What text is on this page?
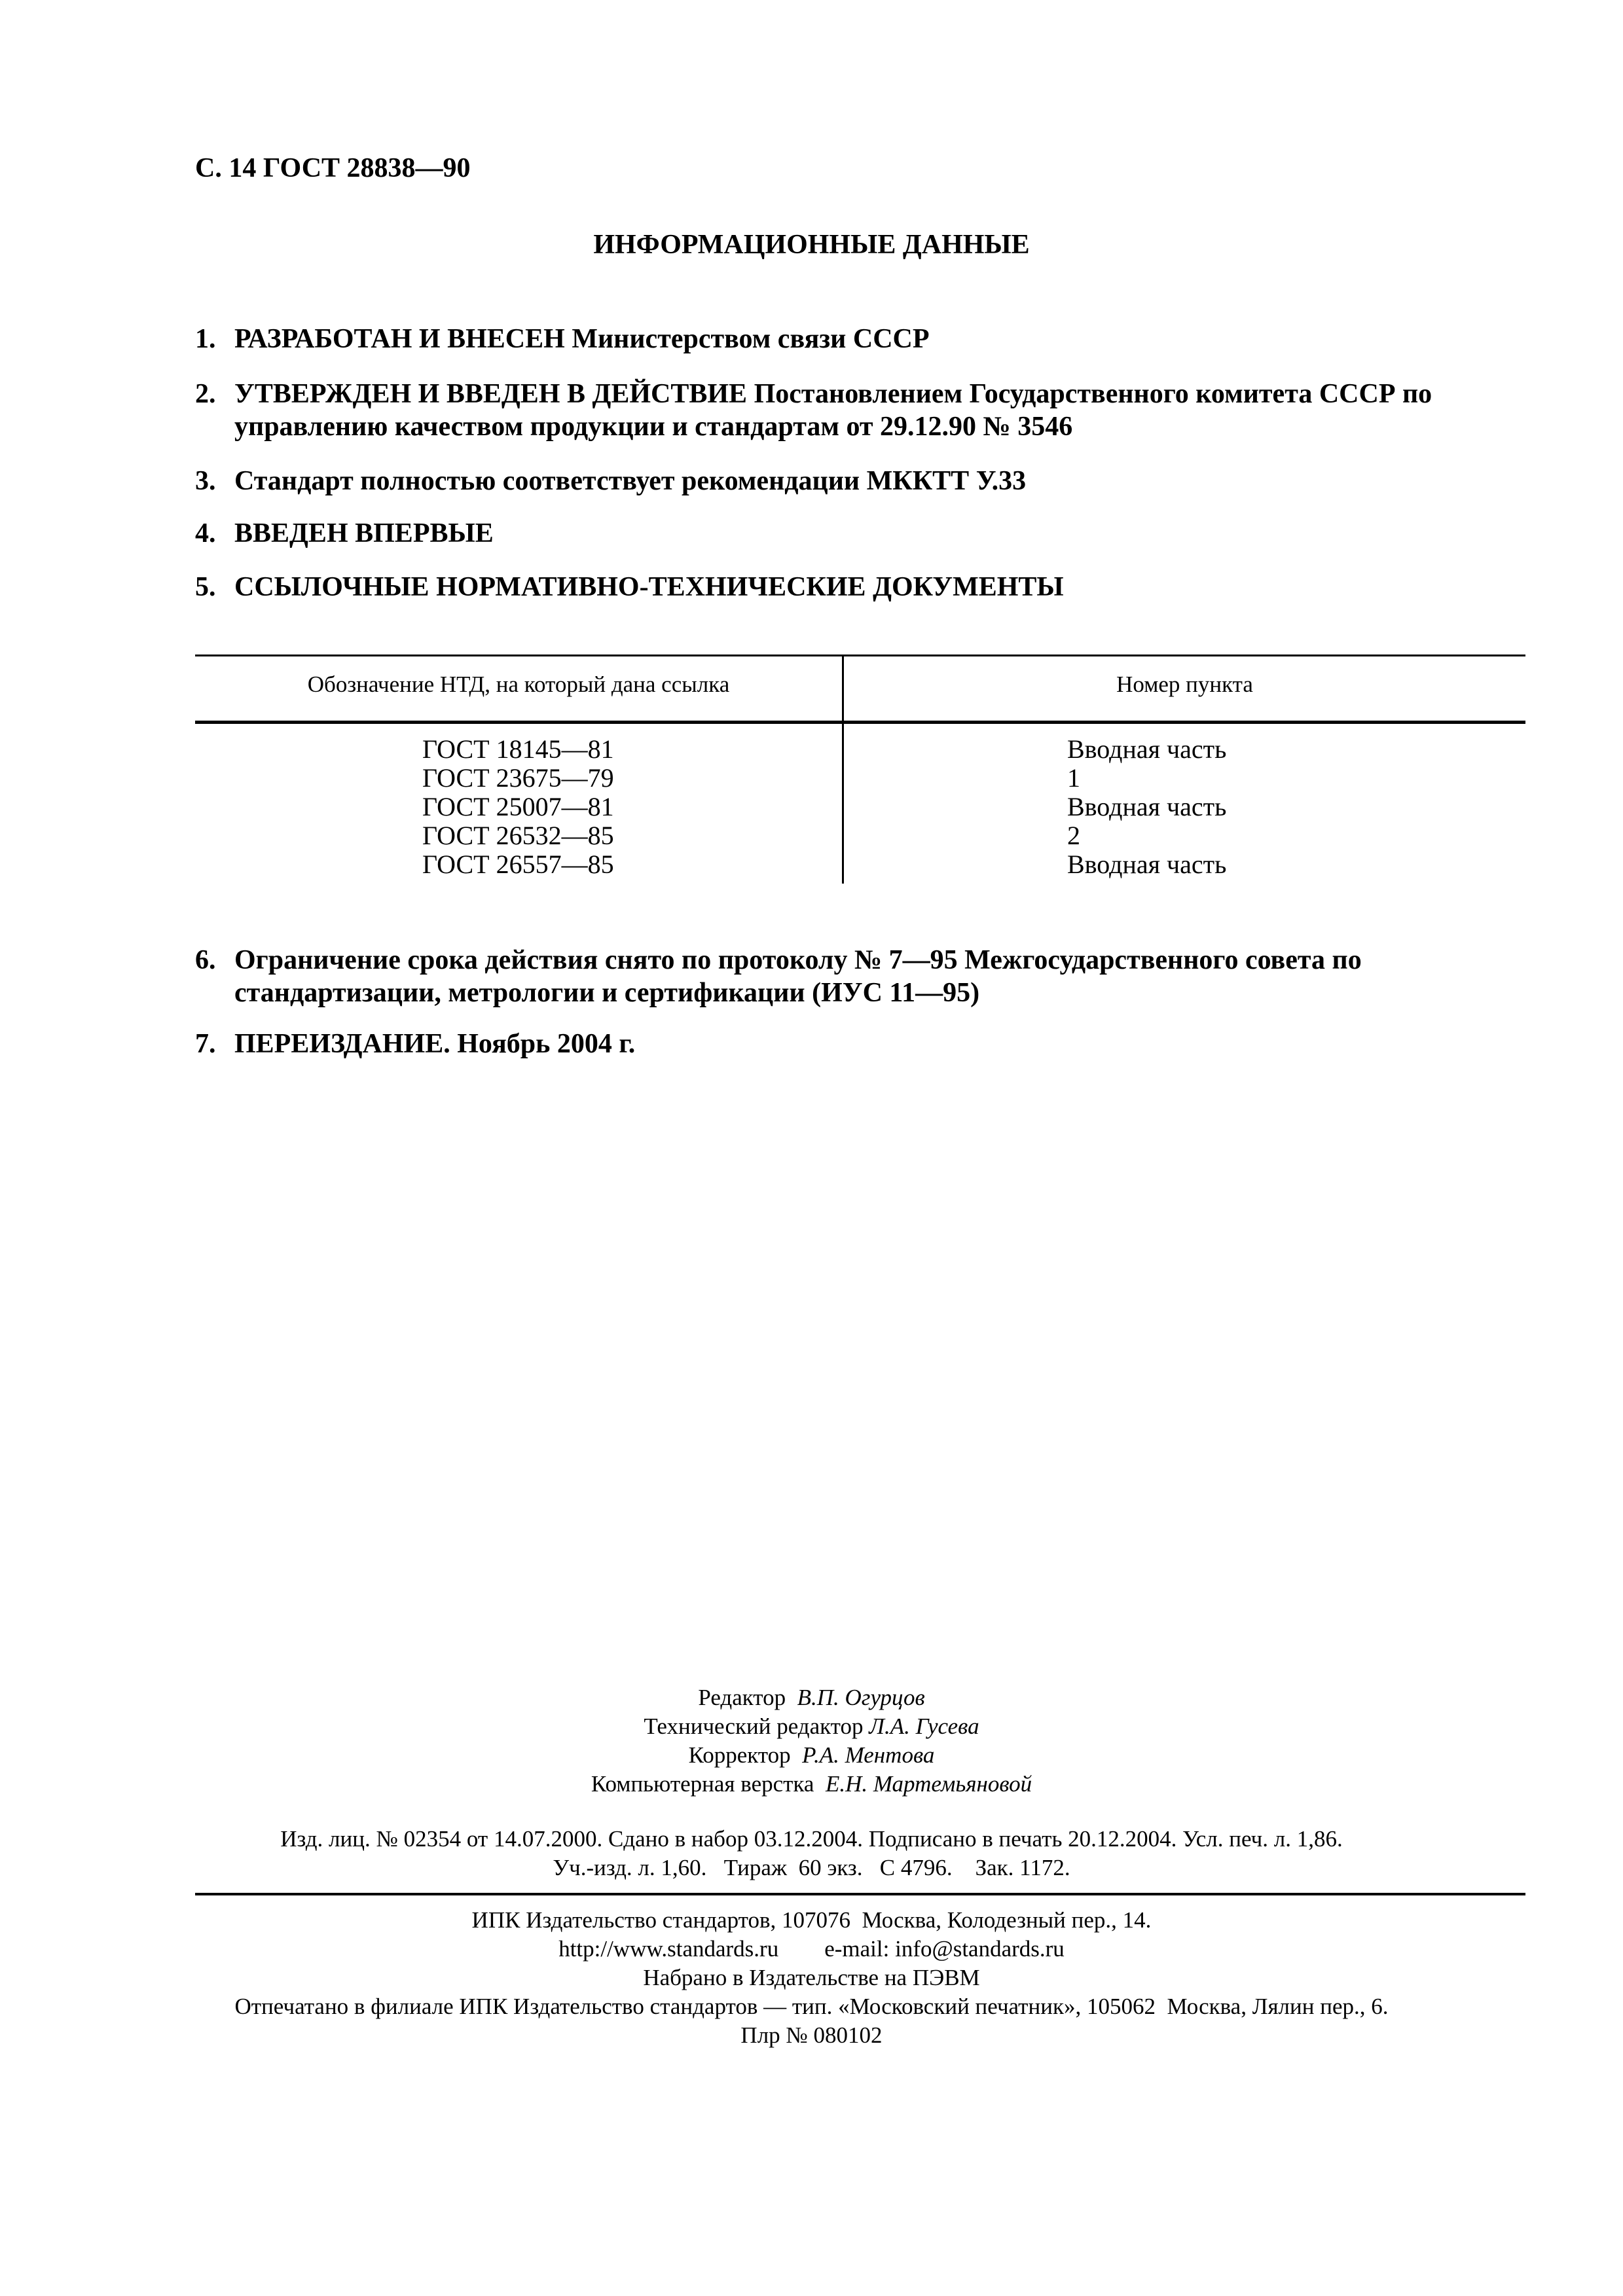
С. 14 ГОСТ 28838—90
ИНФОРМАЦИОННЫЕ ДАННЫЕ
1. РАЗРАБОТАН И ВНЕСЕН Министерством связи СССР
2. УТВЕРЖДЕН И ВВЕДЕН В ДЕЙСТВИЕ Постановлением Государственного комитета СССР по управлению качеством продукции и стандартам от 29.12.90 № 3546
3. Стандарт полностью соответствует рекомендации МККТТ У.33
4. ВВЕДЕН ВПЕРВЫЕ
5. ССЫЛОЧНЫЕ НОРМАТИВНО-ТЕХНИЧЕСКИЕ ДОКУМЕНТЫ
Обозначение НТД, на который дана ссылка	Номер пункта
ГОСТ 18145—81	Вводная часть
ГОСТ 23675—79	1
ГОСТ 25007—81	Вводная часть
ГОСТ 26532—85	2
ГОСТ 26557—85	Вводная часть
6. Ограничение срока действия снято по протоколу № 7—95 Межгосударственного совета по стандартизации, метрологии и сертификации (ИУС 11—95)
7. ПЕРЕИЗДАНИЕ. Ноябрь 2004 г.
Редактор В.П. Огурцов
Технический редактор Л.А. Гусева
Корректор Р.А. Ментова
Компьютерная верстка Е.Н. Мартемьяновой
Изд. лиц. № 02354 от 14.07.2000. Сдано в набор 03.12.2004. Подписано в печать 20.12.2004. Усл. печ. л. 1,86.
Уч.-изд. л. 1,60.   Тираж  60 экз.   С 4796.    Зак. 1172.
ИПК Издательство стандартов, 107076  Москва, Колодезный пер., 14.
http://www.standards.ru e-mail: info@standards.ru
Набрано в Издательстве на ПЭВМ
Отпечатано в филиале ИПК Издательство стандартов — тип. «Московский печатник», 105062  Москва, Лялин пер., 6.
Плр № 080102
